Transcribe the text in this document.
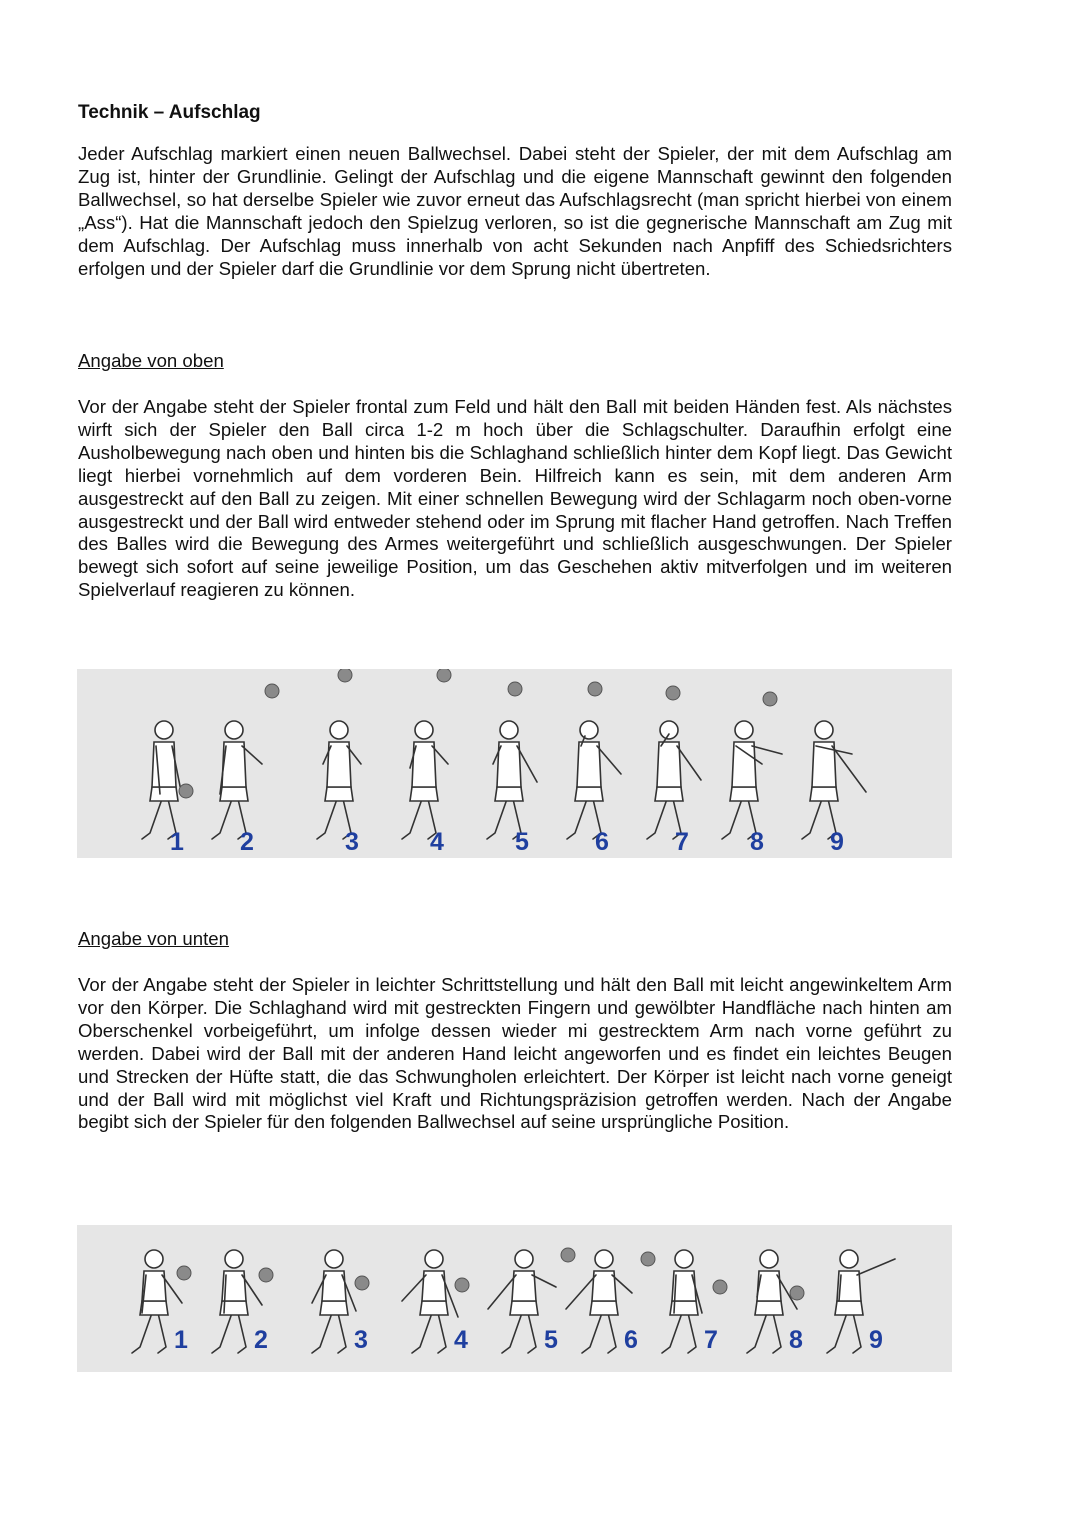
Technik – Aufschlag

Jeder Aufschlag markiert einen neuen Ballwechsel. Dabei steht der Spieler, der mit dem Aufschlag am Zug ist, hinter der Grundlinie. Gelingt der Aufschlag und die eigene Mannschaft gewinnt den folgenden Ballwechsel, so hat derselbe Spieler wie zuvor erneut das Aufschlagsrecht (man spricht hierbei von einem „Ass“). Hat die Mannschaft jedoch den Spielzug verloren, so ist die gegnerische Mannschaft am Zug mit dem Aufschlag. Der Aufschlag muss innerhalb von acht Sekunden nach Anpfiff des Schiedsrichters erfolgen und der Spieler darf die Grundlinie vor dem Sprung nicht übertreten.

Angabe von oben

Vor der Angabe steht der Spieler frontal zum Feld und hält den Ball mit beiden Händen fest. Als nächstes wirft sich der Spieler den Ball circa 1-2 m hoch über die Schlagschulter. Daraufhin erfolgt eine Ausholbewegung nach oben und hinten bis die Schlaghand schließlich hinter dem Kopf liegt. Das Gewicht liegt hierbei vornehmlich auf dem vorderen Bein. Hilfreich kann es sein, mit dem anderen Arm ausgestreckt auf den Ball zu zeigen. Mit einer schnellen Bewegung wird der Schlagarm noch oben-vorne ausgestreckt und der Ball wird entweder stehend oder im Sprung mit flacher Hand getroffen. Nach Treffen des Balles wird die Bewegung des Armes weitergeführt und schließlich ausgeschwungen. Der Spieler bewegt sich sofort auf seine jeweilige Position, um das Geschehen aktiv mitverfolgen und im weiteren Spielverlauf reagieren zu können.

1 2	3	4	5	6	7 8	9
Angabe von unten

Vor der Angabe steht der Spieler in leichter Schrittstellung und hält den Ball mit leicht angewinkeltem Arm vor den Körper. Die Schlaghand wird mit gestreckten Fingern und gewölbter Handfläche nach hinten am Oberschenkel vorbeigeführt, um infolge dessen wieder mi gestrecktem Arm nach vorne geführt zu werden. Dabei wird der Ball mit der anderen Hand leicht angeworfen und es findet ein leichtes Beugen und Strecken der Hüfte statt, die das Schwungholen erleichtert. Der Körper ist leicht nach vorne geneigt und der Ball wird mit möglichst viel Kraft und Richtungspräzision getroffen werden. Nach der Angabe begibt sich der Spieler für den folgenden Ballwechsel auf seine ursprüngliche Position.

1	2	3	4	5	6	7	8	9
